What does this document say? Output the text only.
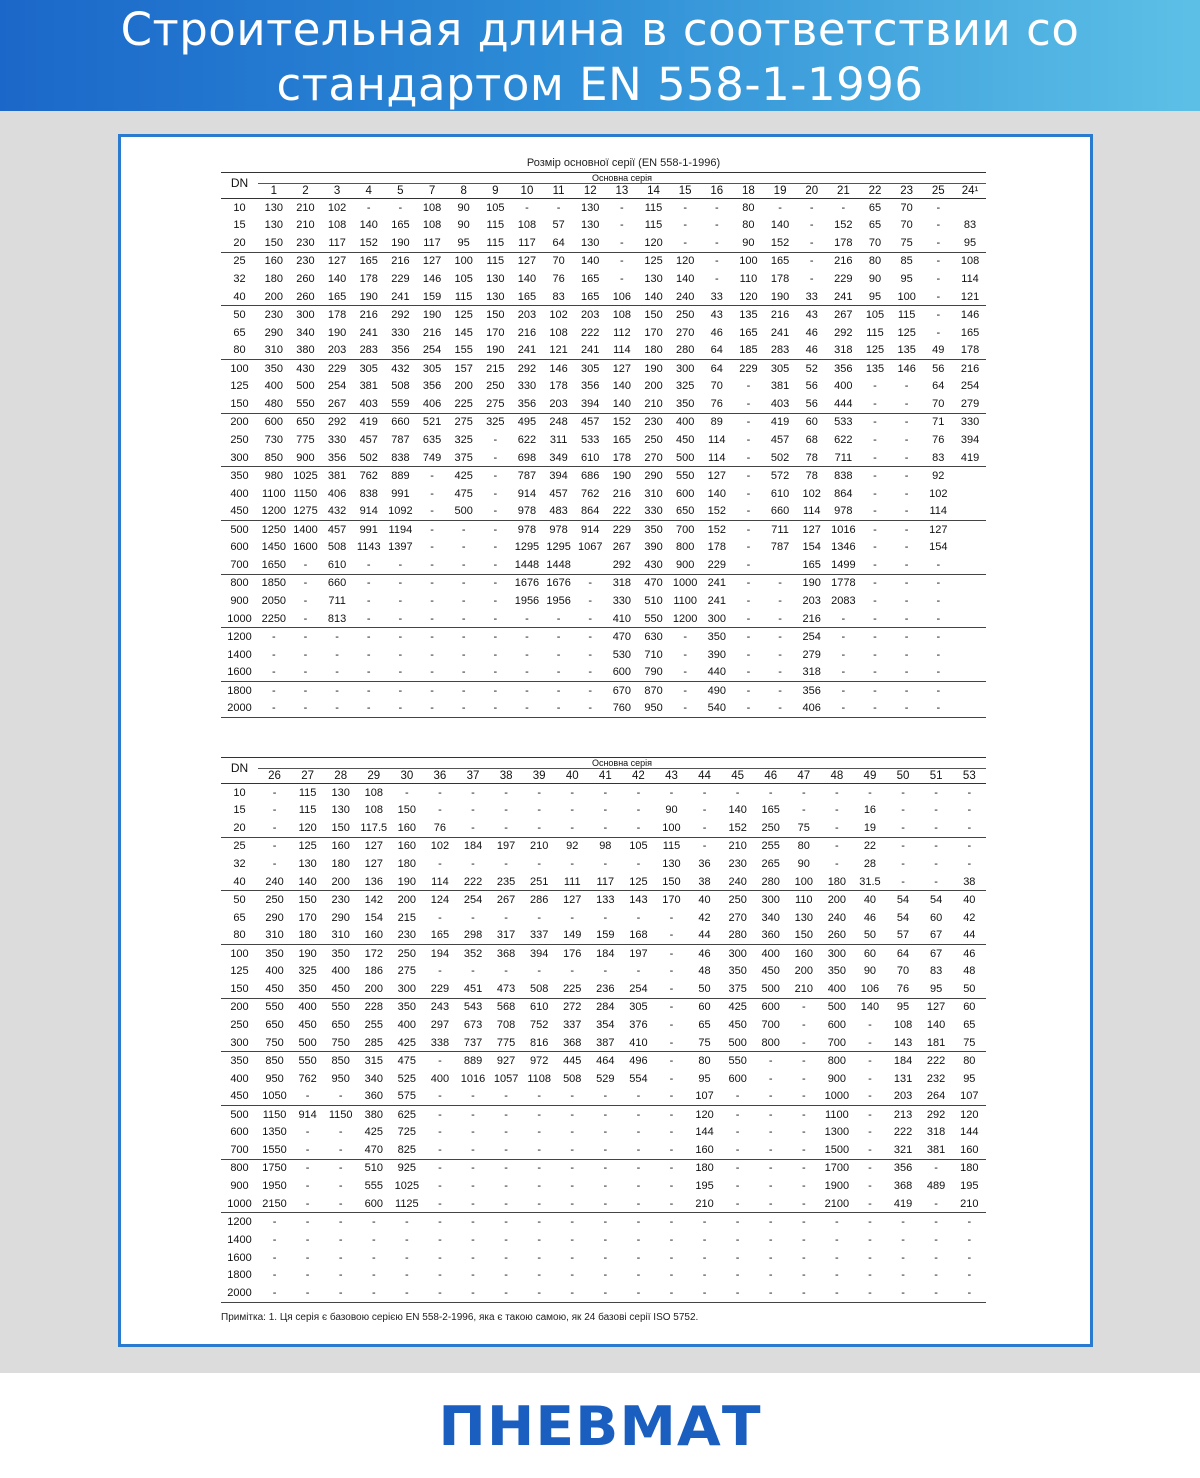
Строительная длина в соответствии со
стандартом EN 558-1-1996
Розмір основної серії (EN 558-1-1996)
DN	Основна серія																						
	1	2	3	4	5	7	8	9	10	11	12	13	14	15	16	18	19	20	21	22	23	25	24¹
10	130	210	102	-	-	108	90	105	-	-	130	-	115	-	-	80	-	-	-	65	70	-	
15	130	210	108	140	165	108	90	115	108	57	130	-	115	-	-	80	140	-	152	65	70	-	83
20	150	230	117	152	190	117	95	115	117	64	130	-	120	-	-	90	152	-	178	70	75	-	95
25	160	230	127	165	216	127	100	115	127	70	140	-	125	120	-	100	165	-	216	80	85	-	108
32	180	260	140	178	229	146	105	130	140	76	165	-	130	140	-	110	178	-	229	90	95	-	114
40	200	260	165	190	241	159	115	130	165	83	165	106	140	240	33	120	190	33	241	95	100	-	121
50	230	300	178	216	292	190	125	150	203	102	203	108	150	250	43	135	216	43	267	105	115	-	146
65	290	340	190	241	330	216	145	170	216	108	222	112	170	270	46	165	241	46	292	115	125	-	165
80	310	380	203	283	356	254	155	190	241	121	241	114	180	280	64	185	283	46	318	125	135	49	178
100	350	430	229	305	432	305	157	215	292	146	305	127	190	300	64	229	305	52	356	135	146	56	216
125	400	500	254	381	508	356	200	250	330	178	356	140	200	325	70	-	381	56	400	-	-	64	254
150	480	550	267	403	559	406	225	275	356	203	394	140	210	350	76	-	403	56	444	-	-	70	279
200	600	650	292	419	660	521	275	325	495	248	457	152	230	400	89	-	419	60	533	-	-	71	330
250	730	775	330	457	787	635	325	-	622	311	533	165	250	450	114	-	457	68	622	-	-	76	394
300	850	900	356	502	838	749	375	-	698	349	610	178	270	500	114	-	502	78	711	-	-	83	419
350	980	1025	381	762	889	-	425	-	787	394	686	190	290	550	127	-	572	78	838	-	-	92	
400	1100	1150	406	838	991	-	475	-	914	457	762	216	310	600	140	-	610	102	864	-	-	102	
450	1200	1275	432	914	1092	-	500	-	978	483	864	222	330	650	152	-	660	114	978	-	-	114	
500	1250	1400	457	991	1194	-	-	-	978	978	914	229	350	700	152	-	711	127	1016	-	-	127	
600	1450	1600	508	1143	1397	-	-	-	1295	1295	1067	267	390	800	178	-	787	154	1346	-	-	154	
700	1650	-	610	-	-	-	-	-	1448	1448		292	430	900	229	-		165	1499	-	-	-	
800	1850	-	660	-	-	-	-	-	1676	1676	-	318	470	1000	241	-	-	190	1778	-	-	-	
900	2050	-	711	-	-	-	-	-	1956	1956	-	330	510	1100	241	-	-	203	2083	-	-	-	
1000	2250	-	813	-	-	-	-	-	-	-	-	410	550	1200	300	-	-	216	-	-	-	-	
1200	-	-	-	-	-	-	-	-	-	-	-	470	630	-	350	-	-	254	-	-	-	-	
1400	-	-	-	-	-	-	-	-	-	-	-	530	710	-	390	-	-	279	-	-	-	-	
1600	-	-	-	-	-	-	-	-	-	-	-	600	790	-	440	-	-	318	-	-	-	-	
1800	-	-	-	-	-	-	-	-	-	-	-	670	870	-	490	-	-	356	-	-	-	-	
2000	-	-	-	-	-	-	-	-	-	-	-	760	950	-	540	-	-	406	-	-	-	-	
DN	Основна серія																					
	26	27	28	29	30	36	37	38	39	40	41	42	43	44	45	46	47	48	49	50	51	53
10	-	115	130	108	-	-	-	-	-	-	-	-	-	-	-	-	-	-	-	-	-	-
15	-	115	130	108	150	-	-	-	-	-	-	-	90	-	140	165	-	-	16	-	-	-
20	-	120	150	117.5	160	76	-	-	-	-	-	-	100	-	152	250	75	-	19	-	-	-
25	-	125	160	127	160	102	184	197	210	92	98	105	115	-	210	255	80	-	22	-	-	-
32	-	130	180	127	180	-	-	-	-	-	-	-	130	36	230	265	90	-	28	-	-	-
40	240	140	200	136	190	114	222	235	251	111	117	125	150	38	240	280	100	180	31.5	-	-	38
50	250	150	230	142	200	124	254	267	286	127	133	143	170	40	250	300	110	200	40	54	54	40
65	290	170	290	154	215	-	-	-	-	-	-	-	-	42	270	340	130	240	46	54	60	42
80	310	180	310	160	230	165	298	317	337	149	159	168	-	44	280	360	150	260	50	57	67	44
100	350	190	350	172	250	194	352	368	394	176	184	197	-	46	300	400	160	300	60	64	67	46
125	400	325	400	186	275	-	-	-	-	-	-	-	-	48	350	450	200	350	90	70	83	48
150	450	350	450	200	300	229	451	473	508	225	236	254	-	50	375	500	210	400	106	76	95	50
200	550	400	550	228	350	243	543	568	610	272	284	305	-	60	425	600	-	500	140	95	127	60
250	650	450	650	255	400	297	673	708	752	337	354	376	-	65	450	700	-	600	-	108	140	65
300	750	500	750	285	425	338	737	775	816	368	387	410	-	75	500	800	-	700	-	143	181	75
350	850	550	850	315	475	-	889	927	972	445	464	496	-	80	550	-	-	800	-	184	222	80
400	950	762	950	340	525	400	1016	1057	1108	508	529	554	-	95	600	-	-	900	-	131	232	95
450	1050	-	-	360	575	-	-	-	-	-	-	-	-	107	-	-	-	1000	-	203	264	107
500	1150	914	1150	380	625	-	-	-	-	-	-	-	-	120	-	-	-	1100	-	213	292	120
600	1350	-	-	425	725	-	-	-	-	-	-	-	-	144	-	-	-	1300	-	222	318	144
700	1550	-	-	470	825	-	-	-	-	-	-	-	-	160	-	-	-	1500	-	321	381	160
800	1750	-	-	510	925	-	-	-	-	-	-	-	-	180	-	-	-	1700	-	356	-	180
900	1950	-	-	555	1025	-	-	-	-	-	-	-	-	195	-	-	-	1900	-	368	489	195
1000	2150	-	-	600	1125	-	-	-	-	-	-	-	-	210	-	-	-	2100	-	419	-	210
1200	-	-	-	-	-	-	-	-	-	-	-	-	-	-	-	-	-	-	-	-	-	-
1400	-	-	-	-	-	-	-	-	-	-	-	-	-	-	-	-	-	-	-	-	-	-
1600	-	-	-	-	-	-	-	-	-	-	-	-	-	-	-	-	-	-	-	-	-	-
1800	-	-	-	-	-	-	-	-	-	-	-	-	-	-	-	-	-	-	-	-	-	-
2000	-	-	-	-	-	-	-	-	-	-	-	-	-	-	-	-	-	-	-	-	-	-
Примітка: 1. Ця серія є базовою серією EN 558-2-1996, яка є такою самою, як 24 базові серії ISO 5752.
ПНЕВМАТ
